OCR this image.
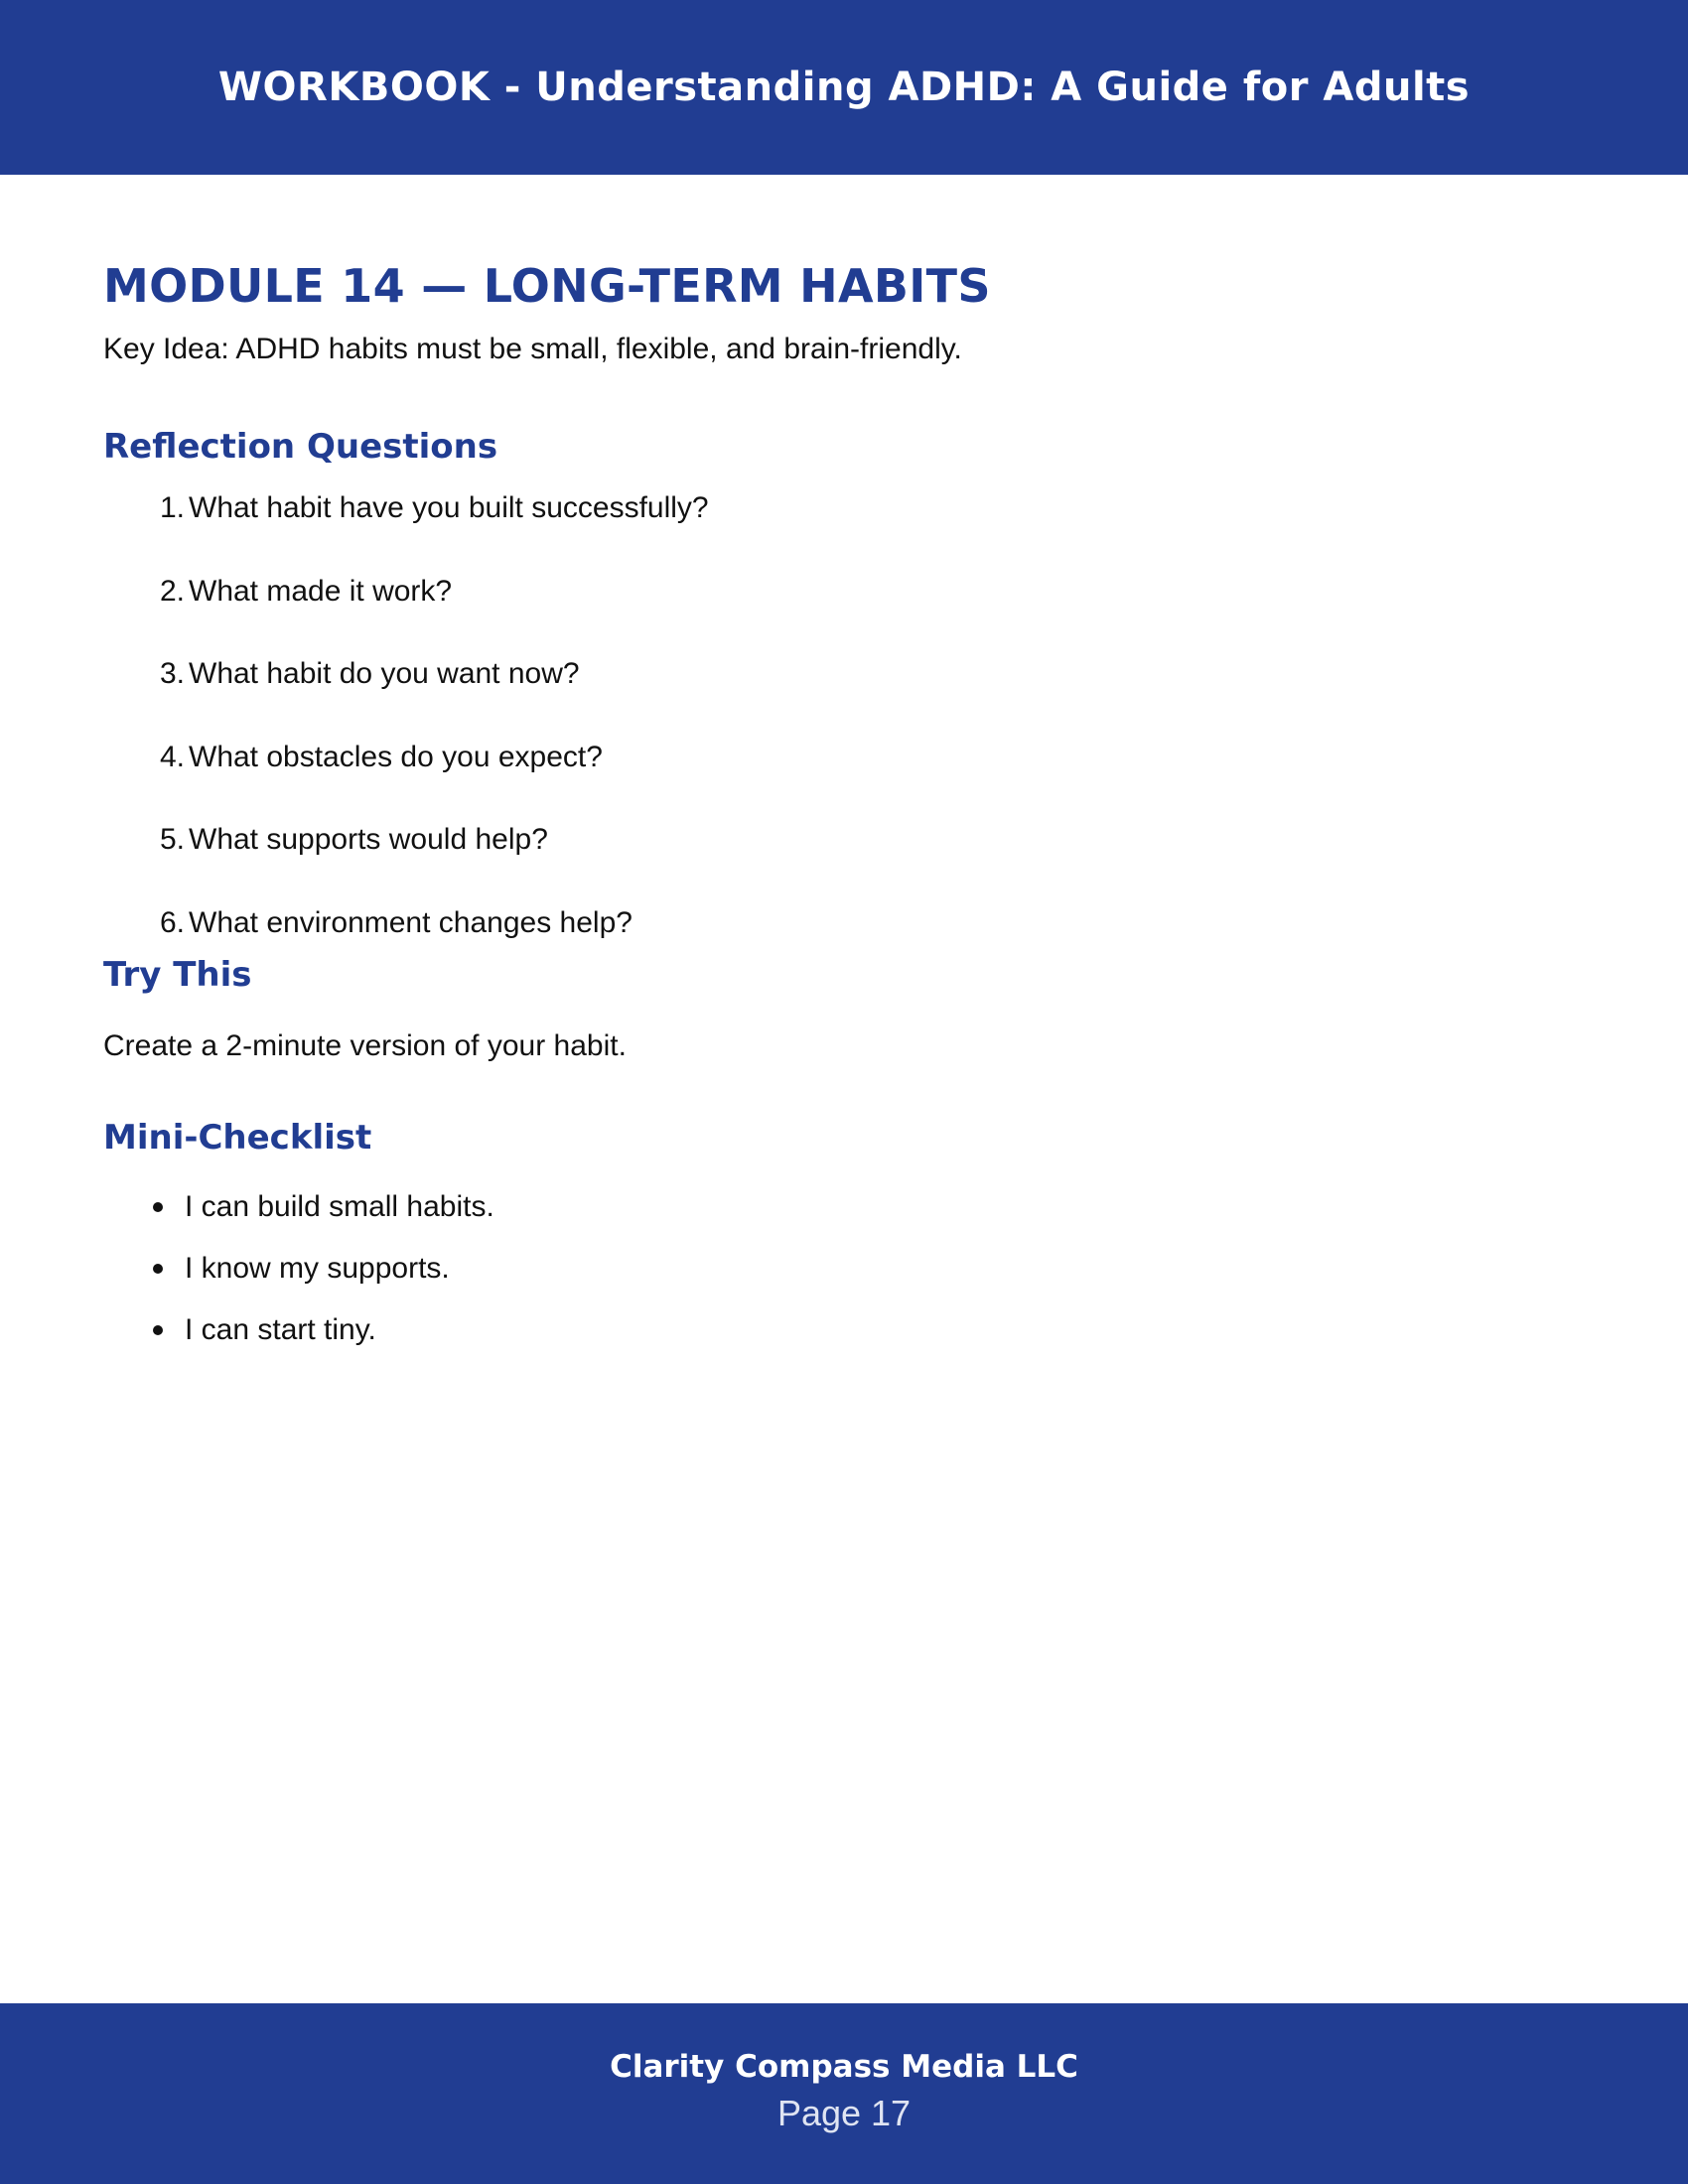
WORKBOOK - Understanding ADHD: A Guide for Adults
MODULE 14 — LONG-TERM HABITS

Key Idea: ADHD habits must be small, flexible, and brain-friendly.

Reflection Questions
1. What habit have you built successfully?
2. What made it work?
3. What habit do you want now?
4. What obstacles do you expect?
5. What supports would help?
6. What environment changes help?
Try This

Create a 2-minute version of your habit.

Mini-Checklist
I can build small habits.
I know my supports.
I can start tiny.
Clarity Compass Media LLC
Page 17
